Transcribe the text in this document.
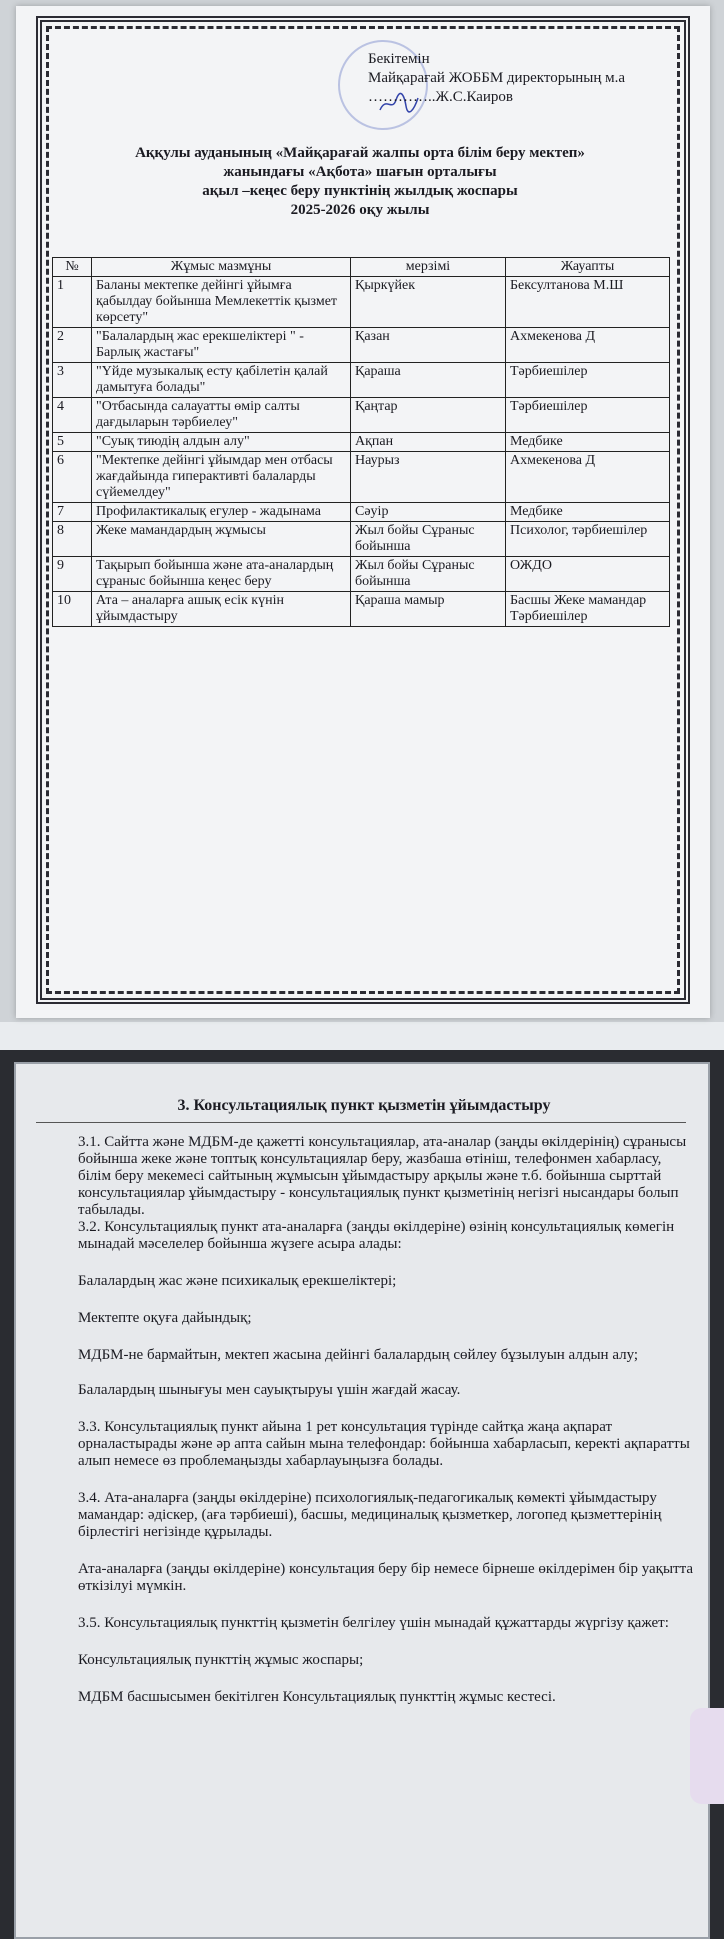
Бекітемін
Майқарағай ЖОББМ директорының м.а
…………..Ж.С.Каиров
Аққулы ауданының «Майқарағай жалпы орта білім беру мектеп»
жанындағы «Ақбота» шағын орталығы
ақыл –кеңес беру пунктінің жылдық жоспары
2025-2026 оқу жылы
№	Жұмыс мазмұны	мерзімі	Жауапты
1	Баланы мектепке дейінгі ұйымға қабылдау бойынша Мемлекеттік қызмет көрсету"	Қыркүйек	Бексултанова М.Ш
2	"Балалардың жас ерекшеліктері " - Барлық жастағы"	Қазан	Ахмекенова Д
3	"Үйде музыкалық есту қабілетін қалай дамытуға болады"	Қараша	Тәрбиешілер
4	"Отбасында салауатты өмір салты дағдыларын тәрбиелеу"	Қаңтар	Тәрбиешілер
5	"Суық тиюдің алдын алу"	Ақпан	Медбике
6	"Мектепке дейінгі ұйымдар мен отбасы жағдайында гиперактивті балаларды сүйемелдеу"	Наурыз	Ахмекенова Д
7	Профилактикалық егулер - жадынама	Сәуір	Медбике
8	Жеке мамандардың жұмысы	Жыл бойы Сұраныс бойынша	Психолог, тәрбиешілер
9	Тақырып бойынша және ата-аналардың сұраныс бойынша кеңес беру	Жыл бойы Сұраныс бойынша	ОЖДО
10	Ата – аналарға ашық есік күнін ұйымдастыру	Қараша мамыр	Басшы Жеке мамандар Тәрбиешілер
3. Консультациялық пункт қызметін ұйымдастыру

3.1. Сайтта және МДБМ-де қажетті консультациялар, ата-аналар (заңды өкілдерінің) сұранысы бойынша жеке және топтық консультациялар беру, жазбаша өтініш, телефонмен хабарласу, білім беру мекемесі сайтының жұмысын ұйымдастыру арқылы және т.б. бойынша сырттай консультациялар ұйымдастыру - консультациялық пункт қызметінің негізгі нысандары болып табылады.

3.2. Консультациялық пункт ата-аналарға (заңды өкілдеріне) өзінің консультациялық көмегін мынадай мәселелер бойынша жүзеге асыра алады:

Балалардың жас және психикалық ерекшеліктері;

Мектепте оқуға дайындық;

МДБМ-не бармайтын, мектеп жасына дейінгі балалардың сөйлеу бұзылуын алдын алу;

Балалардың шынығуы мен сауықтыруы үшін жағдай жасау.

3.3. Консультациялық пункт айына 1 рет консультация түрінде сайтқа жаңа ақпарат орналастырады және әр апта сайын мына телефондар: бойынша хабарласып, керекті ақпаратты алып немесе өз проблемаңызды хабарлауыңызға болады.

3.4. Ата-аналарға (заңды өкілдеріне) психологиялық-педагогикалық көмекті ұйымдастыру мамандар: әдіскер, (аға тәрбиеші), басшы, медициналық қызметкер, логопед қызметтерінің бірлестігі негізінде құрылады.

Ата-аналарға (заңды өкілдеріне) консультация беру бір немесе бірнеше өкілдерімен бір уақытта өткізілуі мүмкін.

3.5. Консультациялық пункттің қызметін белгілеу үшін мынадай құжаттарды жүргізу қажет:

Консультациялық пункттің жұмыс жоспары;

МДБМ басшысымен бекітілген Консультациялық пункттің жұмыс кестесі.
